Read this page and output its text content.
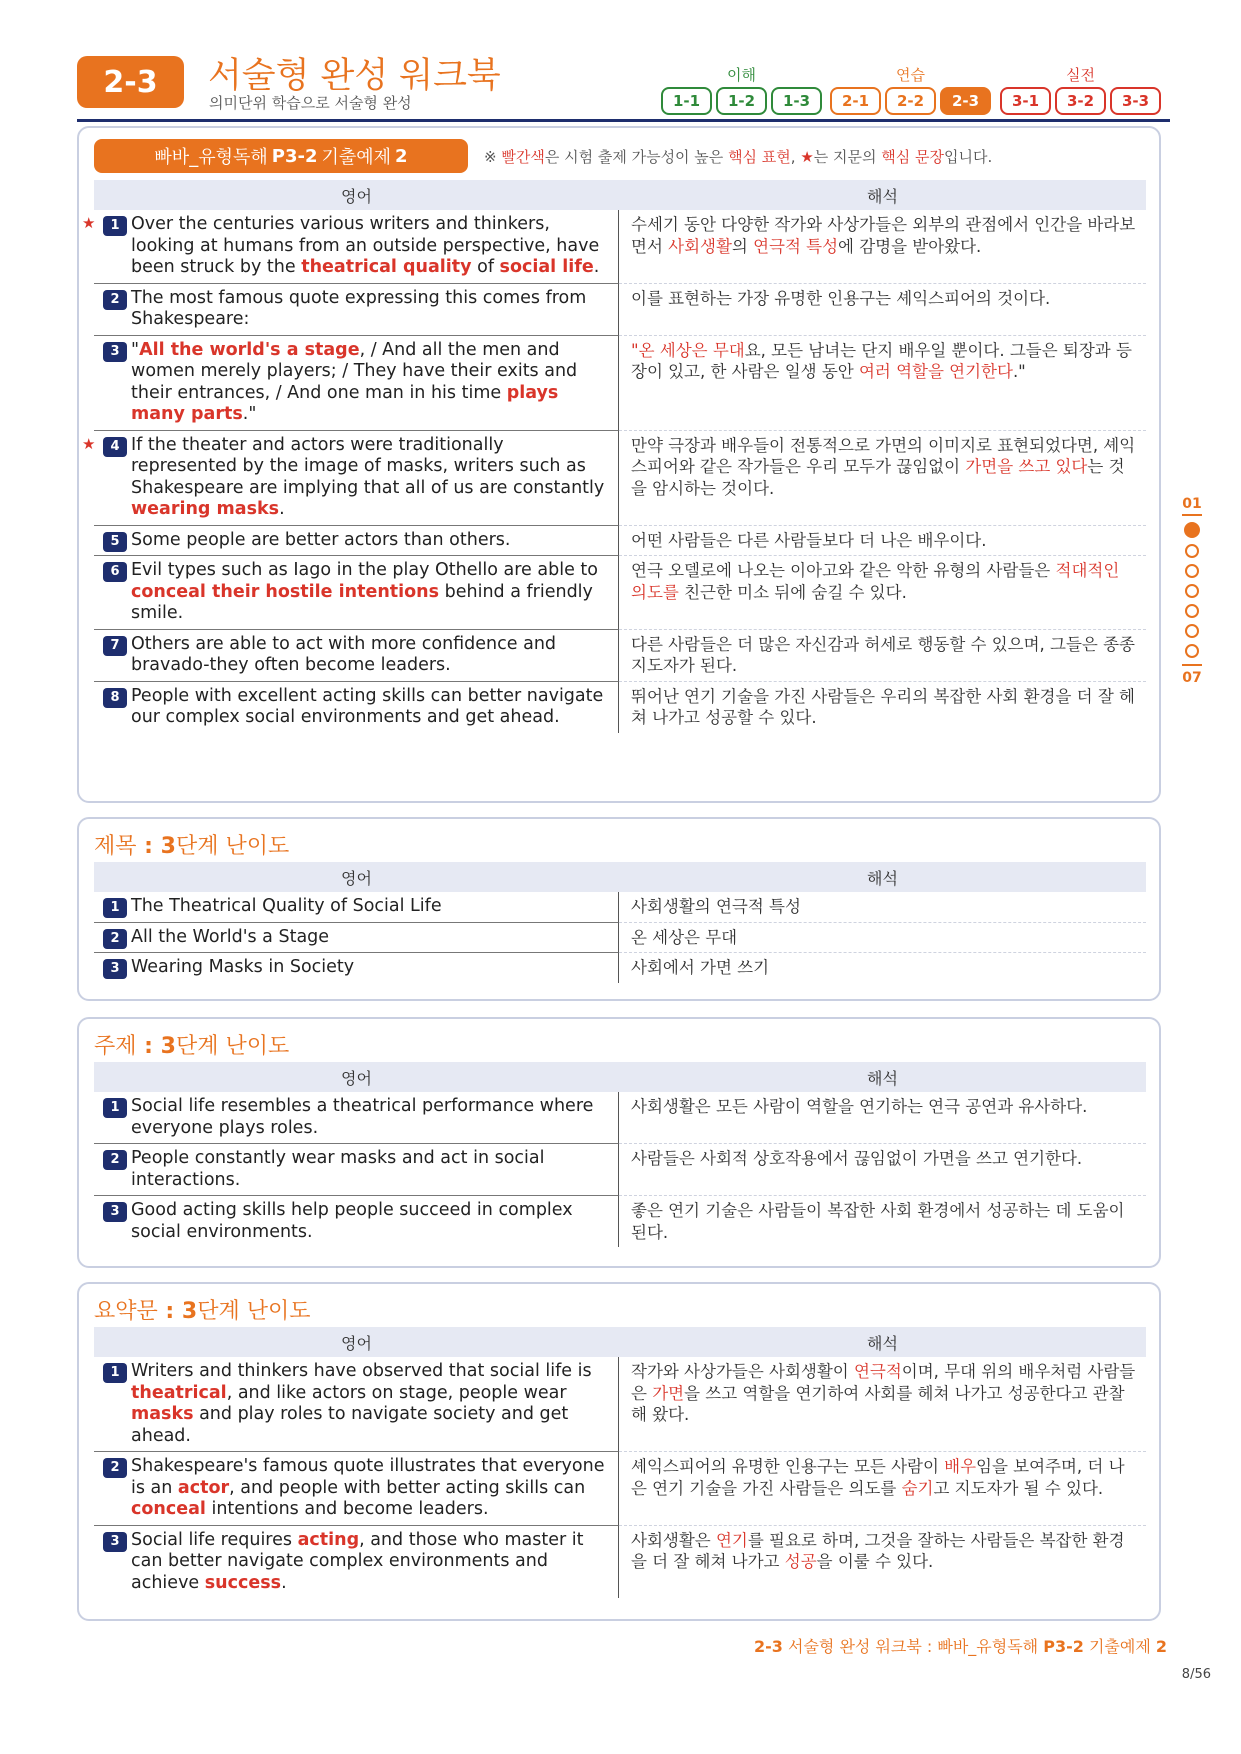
2-3	서술형 완성 워크북
의미단위 학습으로 서술형 완성
이해
1-1	1-2	1-3
연습
2-1	2-2	2-3
실전
3-1	3-2	3-3
01
07
빠바_유형독해 P3-2 기출예제 2	※ 빨간색은 시험 출제 가능성이 높은 핵심 표현, ★는 지문의 핵심 문장입니다.
영어	해석
★	1 Over the centuries various writers and thinkers, looking at humans from an outside perspective, have been struck by the theatrical quality of social life.
수세기 동안 다양한 작가와 사상가들은 외부의 관점에서 인간을 바라보면서 사회생활의 연극적 특성에 감명을 받아왔다.
2 The most famous quote expressing this comes from Shakespeare:
이를 표현하는 가장 유명한 인용구는 셰익스피어의 것이다.
3 "All the world's a stage, / And all the men and women merely players; / They have their exits and their entrances, / And one man in his time plays many parts."
"온 세상은 무대요, 모든 남녀는 단지 배우일 뿐이다. 그들은 퇴장과 등장이 있고, 한 사람은 일생 동안 여러 역할을 연기한다."
★	4 If the theater and actors were traditionally represented by the image of masks, writers such as Shakespeare are implying that all of us are constantly wearing masks.
만약 극장과 배우들이 전통적으로 가면의 이미지로 표현되었다면, 셰익스피어와 같은 작가들은 우리 모두가 끊임없이 가면을 쓰고 있다는 것을 암시하는 것이다.
5 Some people are better actors than others.	어떤 사람들은 다른 사람들보다 더 나은 배우이다.
6 Evil types such as Iago in the play Othello are able to conceal their hostile intentions behind a friendly smile.
연극 오델로에 나오는 이아고와 같은 악한 유형의 사람들은 적대적인 의도를 친근한 미소 뒤에 숨길 수 있다.
7 Others are able to act with more confidence and bravado-they often become leaders.
다른 사람들은 더 많은 자신감과 허세로 행동할 수 있으며, 그들은 종종 지도자가 된다.
8 People with excellent acting skills can better navigate our complex social environments and get ahead.
뛰어난 연기 기술을 가진 사람들은 우리의 복잡한 사회 환경을 더 잘 헤쳐 나가고 성공할 수 있다.
제목 : 3단계 난이도
영어	해석
1 The Theatrical Quality of Social Life	사회생활의 연극적 특성
2 All the World's a Stage	온 세상은 무대
3 Wearing Masks in Society	사회에서 가면 쓰기
주제 : 3단계 난이도
영어	해석
1 Social life resembles a theatrical performance where everyone plays roles.
사회생활은 모든 사람이 역할을 연기하는 연극 공연과 유사하다.
2 People constantly wear masks and act in social interactions.
사람들은 사회적 상호작용에서 끊임없이 가면을 쓰고 연기한다.
3 Good acting skills help people succeed in complex social environments.
좋은 연기 기술은 사람들이 복잡한 사회 환경에서 성공하는 데 도움이 된다.
요약문 : 3단계 난이도
영어	해석
1 Writers and thinkers have observed that social life is theatrical, and like actors on stage, people wear masks and play roles to navigate society and get ahead.
작가와 사상가들은 사회생활이 연극적이며, 무대 위의 배우처럼 사람들은 가면을 쓰고 역할을 연기하여 사회를 헤쳐 나가고 성공한다고 관찰해 왔다.
2 Shakespeare's famous quote illustrates that everyone is an actor, and people with better acting skills can conceal intentions and become leaders.
셰익스피어의 유명한 인용구는 모든 사람이 배우임을 보여주며, 더 나은 연기 기술을 가진 사람들은 의도를 숨기고 지도자가 될 수 있다.
3 Social life requires acting, and those who master it can better navigate complex environments and achieve success.
사회생활은 연기를 필요로 하며, 그것을 잘하는 사람들은 복잡한 환경을 더 잘 헤쳐 나가고 성공을 이룰 수 있다.
2-3 서술형 완성 워크북 : 빠바_유형독해 P3-2 기출예제 2
8/56
